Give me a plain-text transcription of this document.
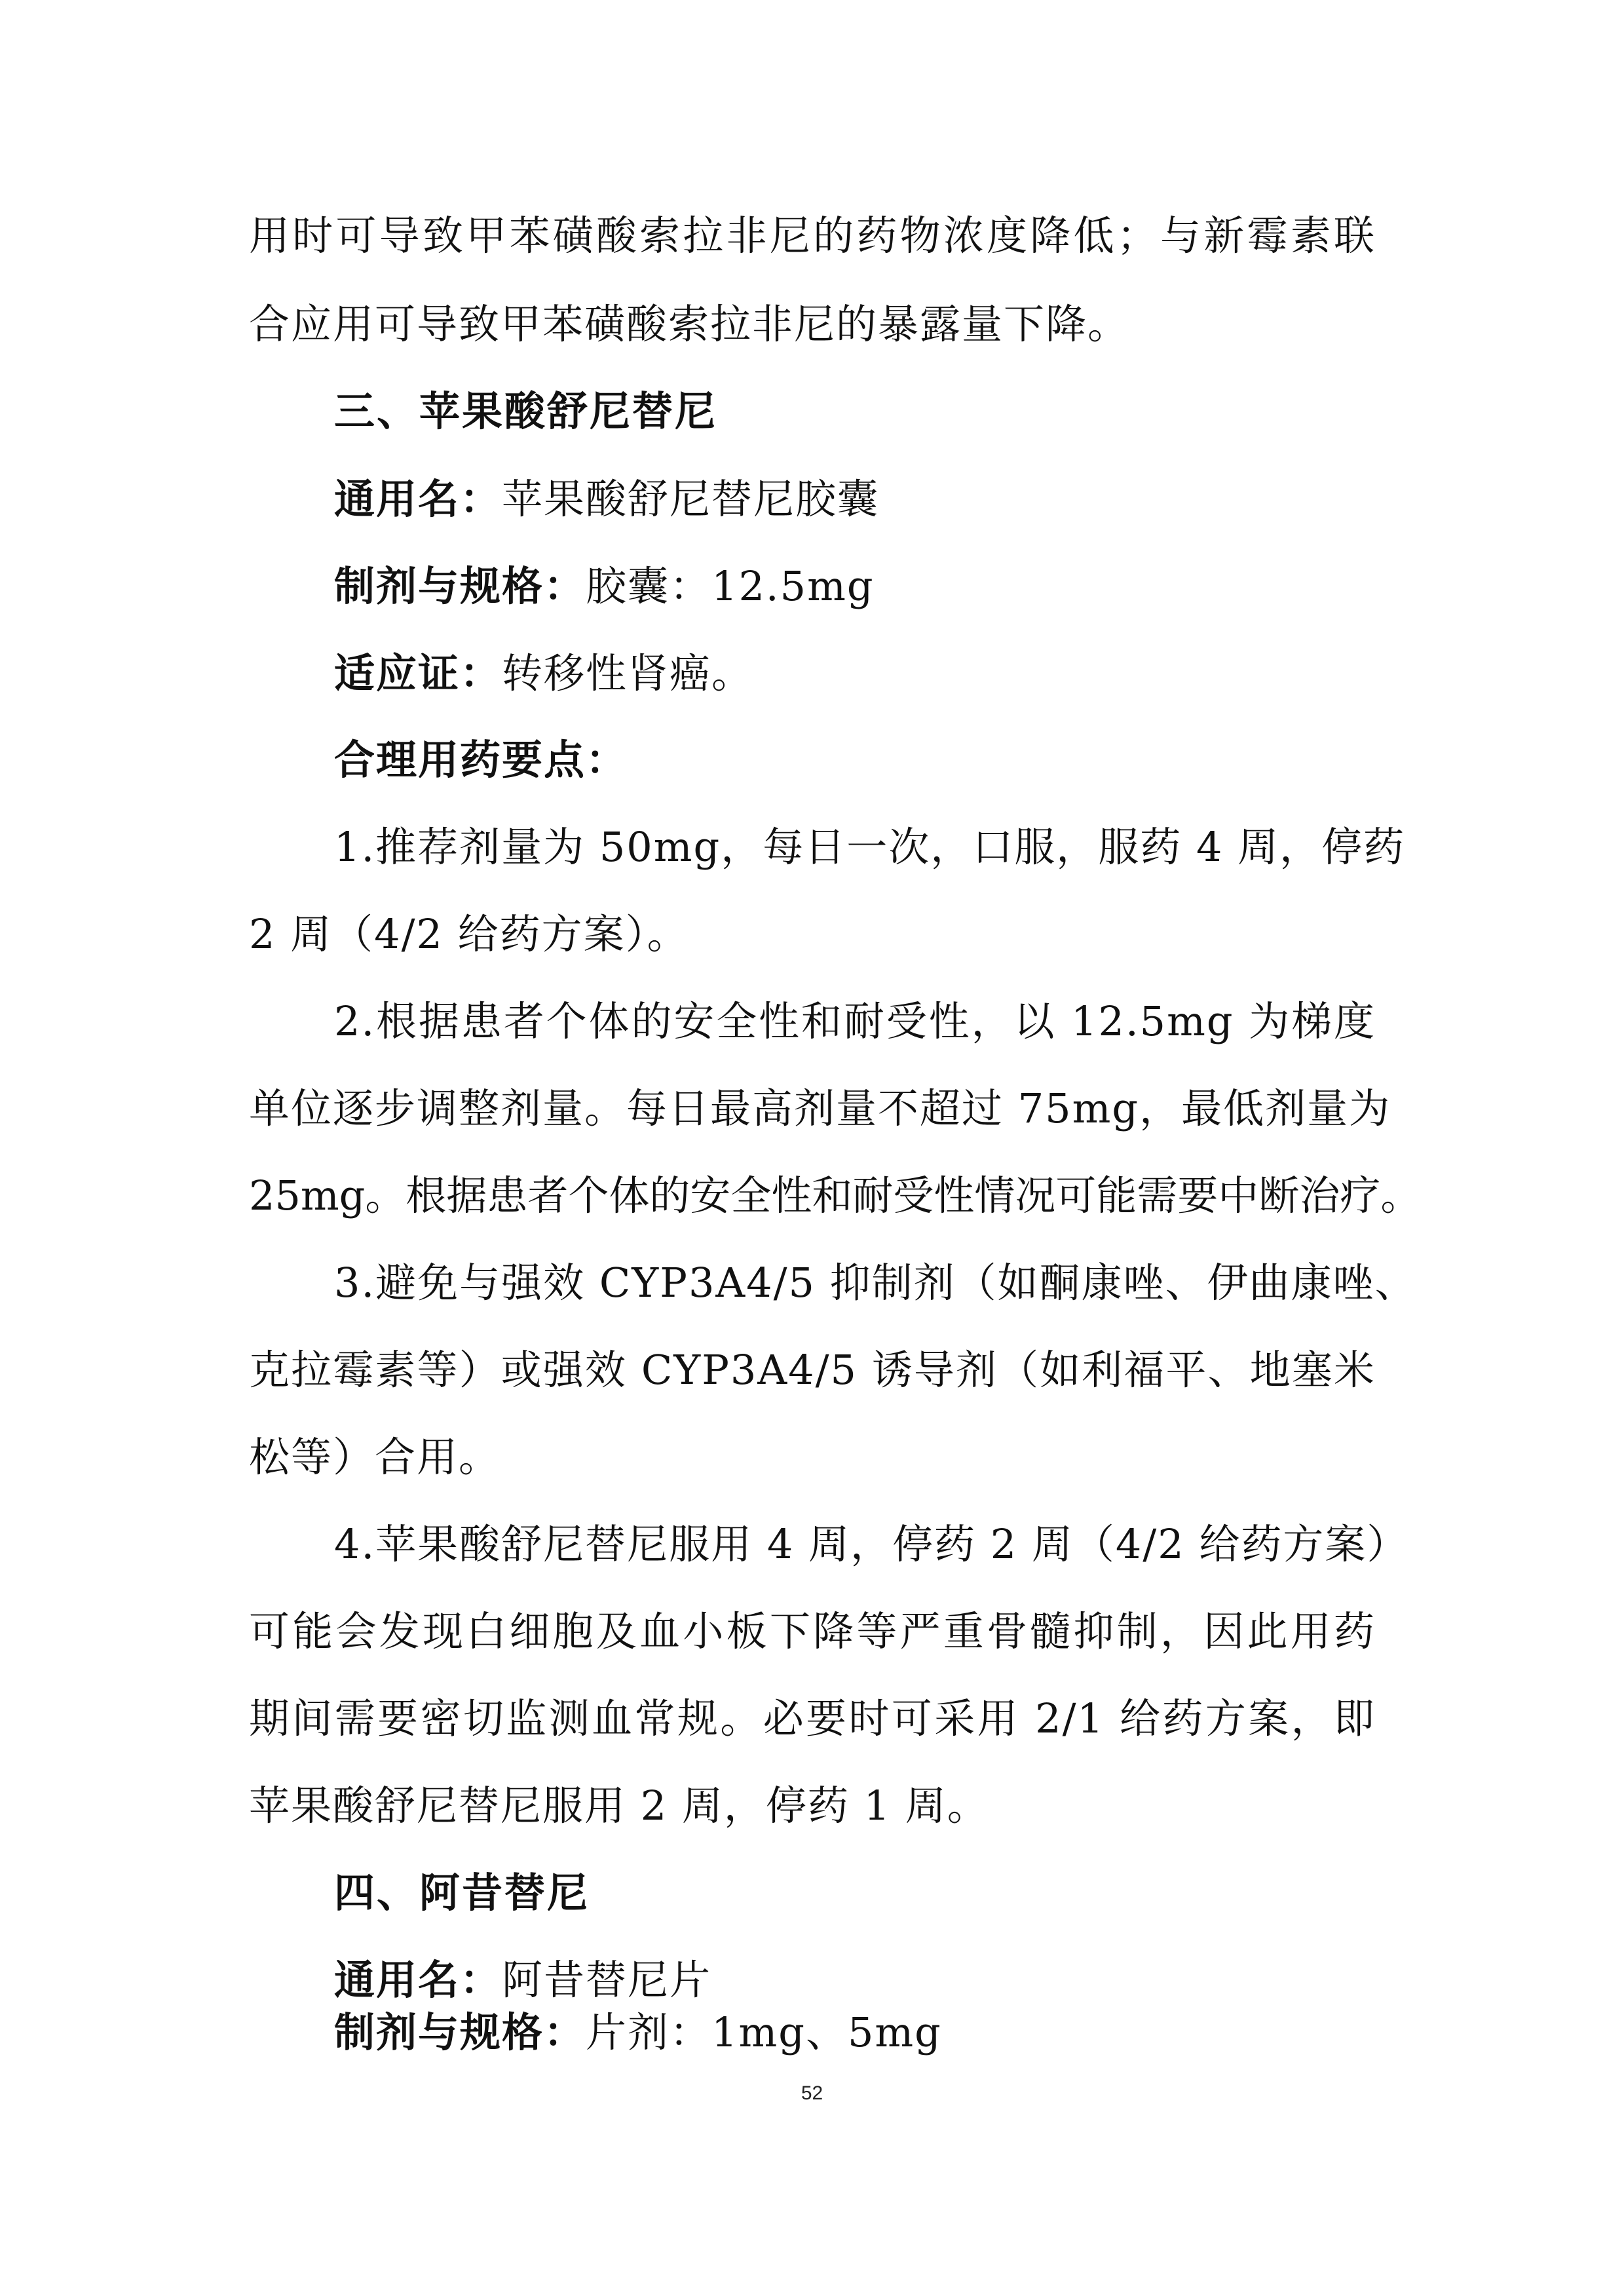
用时可导致甲苯磺酸索拉非尼的药物浓度降低；与新霉素联
合应用可导致甲苯磺酸索拉非尼的暴露量下降。
三、苹果酸舒尼替尼
通用名：苹果酸舒尼替尼胶囊
制剂与规格：胶囊：12.5mg
适应证：转移性肾癌。
合理用药要点：
1.推荐剂量为 50mg，每日一次，口服，服药 4 周，停药
2 周（4/2 给药方案）。
2.根据患者个体的安全性和耐受性，以 12.5mg 为梯度
单位逐步调整剂量。每日最高剂量不超过 75mg，最低剂量为
25mg。根据患者个体的安全性和耐受性情况可能需要中断治疗。
3.避免与强效 CYP3A4/5 抑制剂（如酮康唑、伊曲康唑、
克拉霉素等）或强效 CYP3A4/5 诱导剂（如利福平、地塞米
松等）合用。
4.苹果酸舒尼替尼服用 4 周，停药 2 周（4/2 给药方案）
可能会发现白细胞及血小板下降等严重骨髓抑制，因此用药
期间需要密切监测血常规。必要时可采用 2/1 给药方案，即
苹果酸舒尼替尼服用 2 周，停药 1 周。
四、阿昔替尼
通用名：阿昔替尼片
制剂与规格：片剂：1mg、5mg
52
